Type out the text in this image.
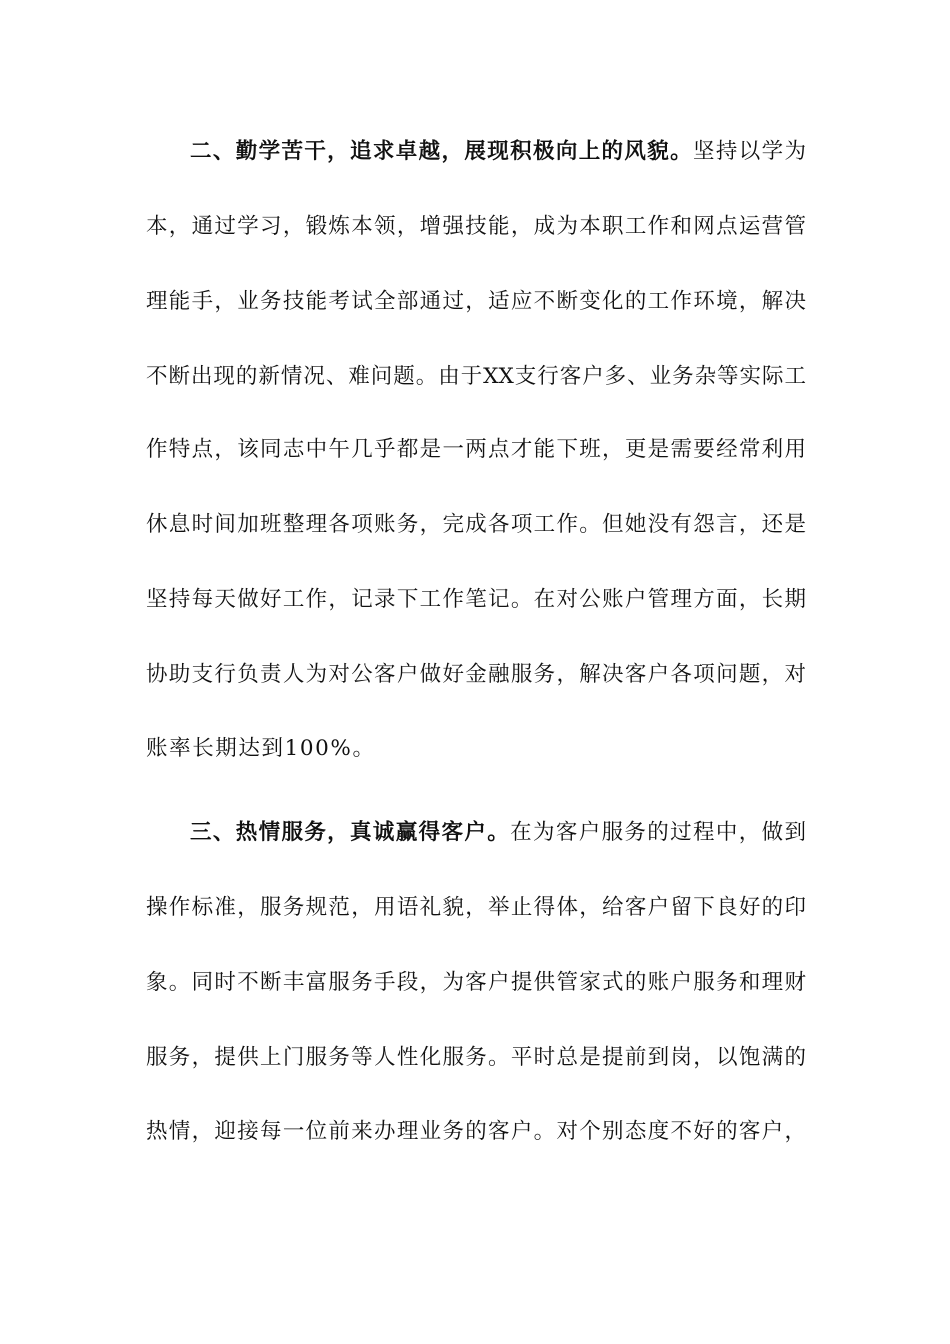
二、勤学苦干，追求卓越，展现积极向上的风貌。坚持以学为
本，通过学习，锻炼本领，增强技能，成为本职工作和网点运营管
理能手，业务技能考试全部通过，适应不断变化的工作环境，解决
不断出现的新情况、难问题。由于XX支行客户多、业务杂等实际工
作特点，该同志中午几乎都是一两点才能下班，更是需要经常利用
休息时间加班整理各项账务，完成各项工作。但她没有怨言，还是
坚持每天做好工作，记录下工作笔记。在对公账户管理方面，长期
协助支行负责人为对公客户做好金融服务，解决客户各项问题，对
账率长期达到100%。
三、热情服务，真诚赢得客户。在为客户服务的过程中，做到
操作标准，服务规范，用语礼貌，举止得体，给客户留下良好的印
象。同时不断丰富服务手段，为客户提供管家式的账户服务和理财
服务，提供上门服务等人性化服务。平时总是提前到岗，以饱满的
热情，迎接每一位前来办理业务的客户。对个别态度不好的客户，
